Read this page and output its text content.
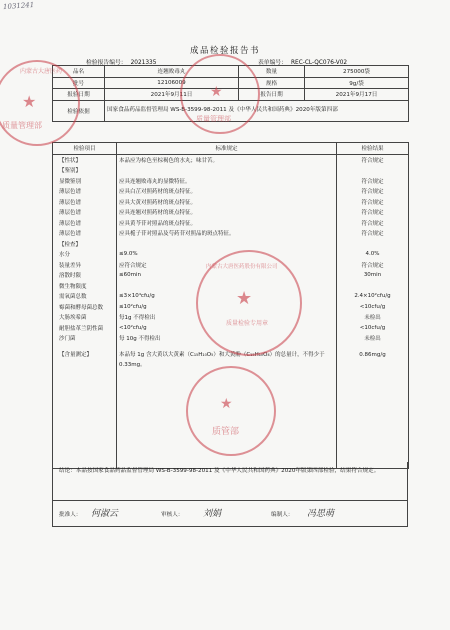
1031241
成品检验报告书
检验报告编号： 2021335	表单编号： REC-CL-QC076-V02
品名	连翘败毒丸	数量	275000袋
批号	12106009	规格	9g/袋
报验日期	2021年9月11日	报告日期	2021年9月17日
检验依据	国家食品药品监督管理局 WS-B-3599-98-2011 及《中华人民共和国药典》2020年版第四部		
检验项目	标准规定	检验结果
【性状】	本品应为棕色至棕褐色的水丸；味甘苦。	符合规定
【鉴别】		
显微鉴别	应具连翘败毒丸的显微特征。	符合规定
薄层色谱	应具白芷对照药材的斑点特征。	符合规定
薄层色谱	应具大黄对照药材的斑点特征。	符合规定
薄层色谱	应具连翘对照药材的斑点特征。	符合规定
薄层色谱	应具黄芩苷对照品的斑点特征。	符合规定
薄层色谱	应具栀子苷对照品及芍药苷对照品的斑点特征。	符合规定
【检查】		
水分	≤9.0%	4.0%
装量差异	应符合规定	符合规定
溶散时限	≤60min	30min
微生物限度		
需氧菌总数	≤3×10⁴cfu/g	2.4×10²cfu/g
霉菌和酵母菌总数	≤10²cfu/g	<10cfu/g
大肠埃希菌	每1g 不得检出	未检出
耐胆盐革兰阴性菌	<10²cfu/g	<10cfu/g
沙门菌	每 10g 不得检出	未检出
【含量测定】	本品每 1g 含大黄以大黄素（C₁₅H₁₀O₅）和大黄酚（C₁₅H₁₀O₄）的总量计，不得少于 0.33mg。	0.86mg/g

结论：本品按国家食品药品监督管理局 WS-B-3599-98-2011 及《中华人民共和国药典》2020年版第四部检验，结果符合规定。
批准人： 何淑云	审核人： 刘娟	编制人： 冯思萌
★
内蒙古大唐医药
质量管理部
★
质量管理部
★
内蒙古大唐医药股份有限公司
质量检验专用章
★
质管部
